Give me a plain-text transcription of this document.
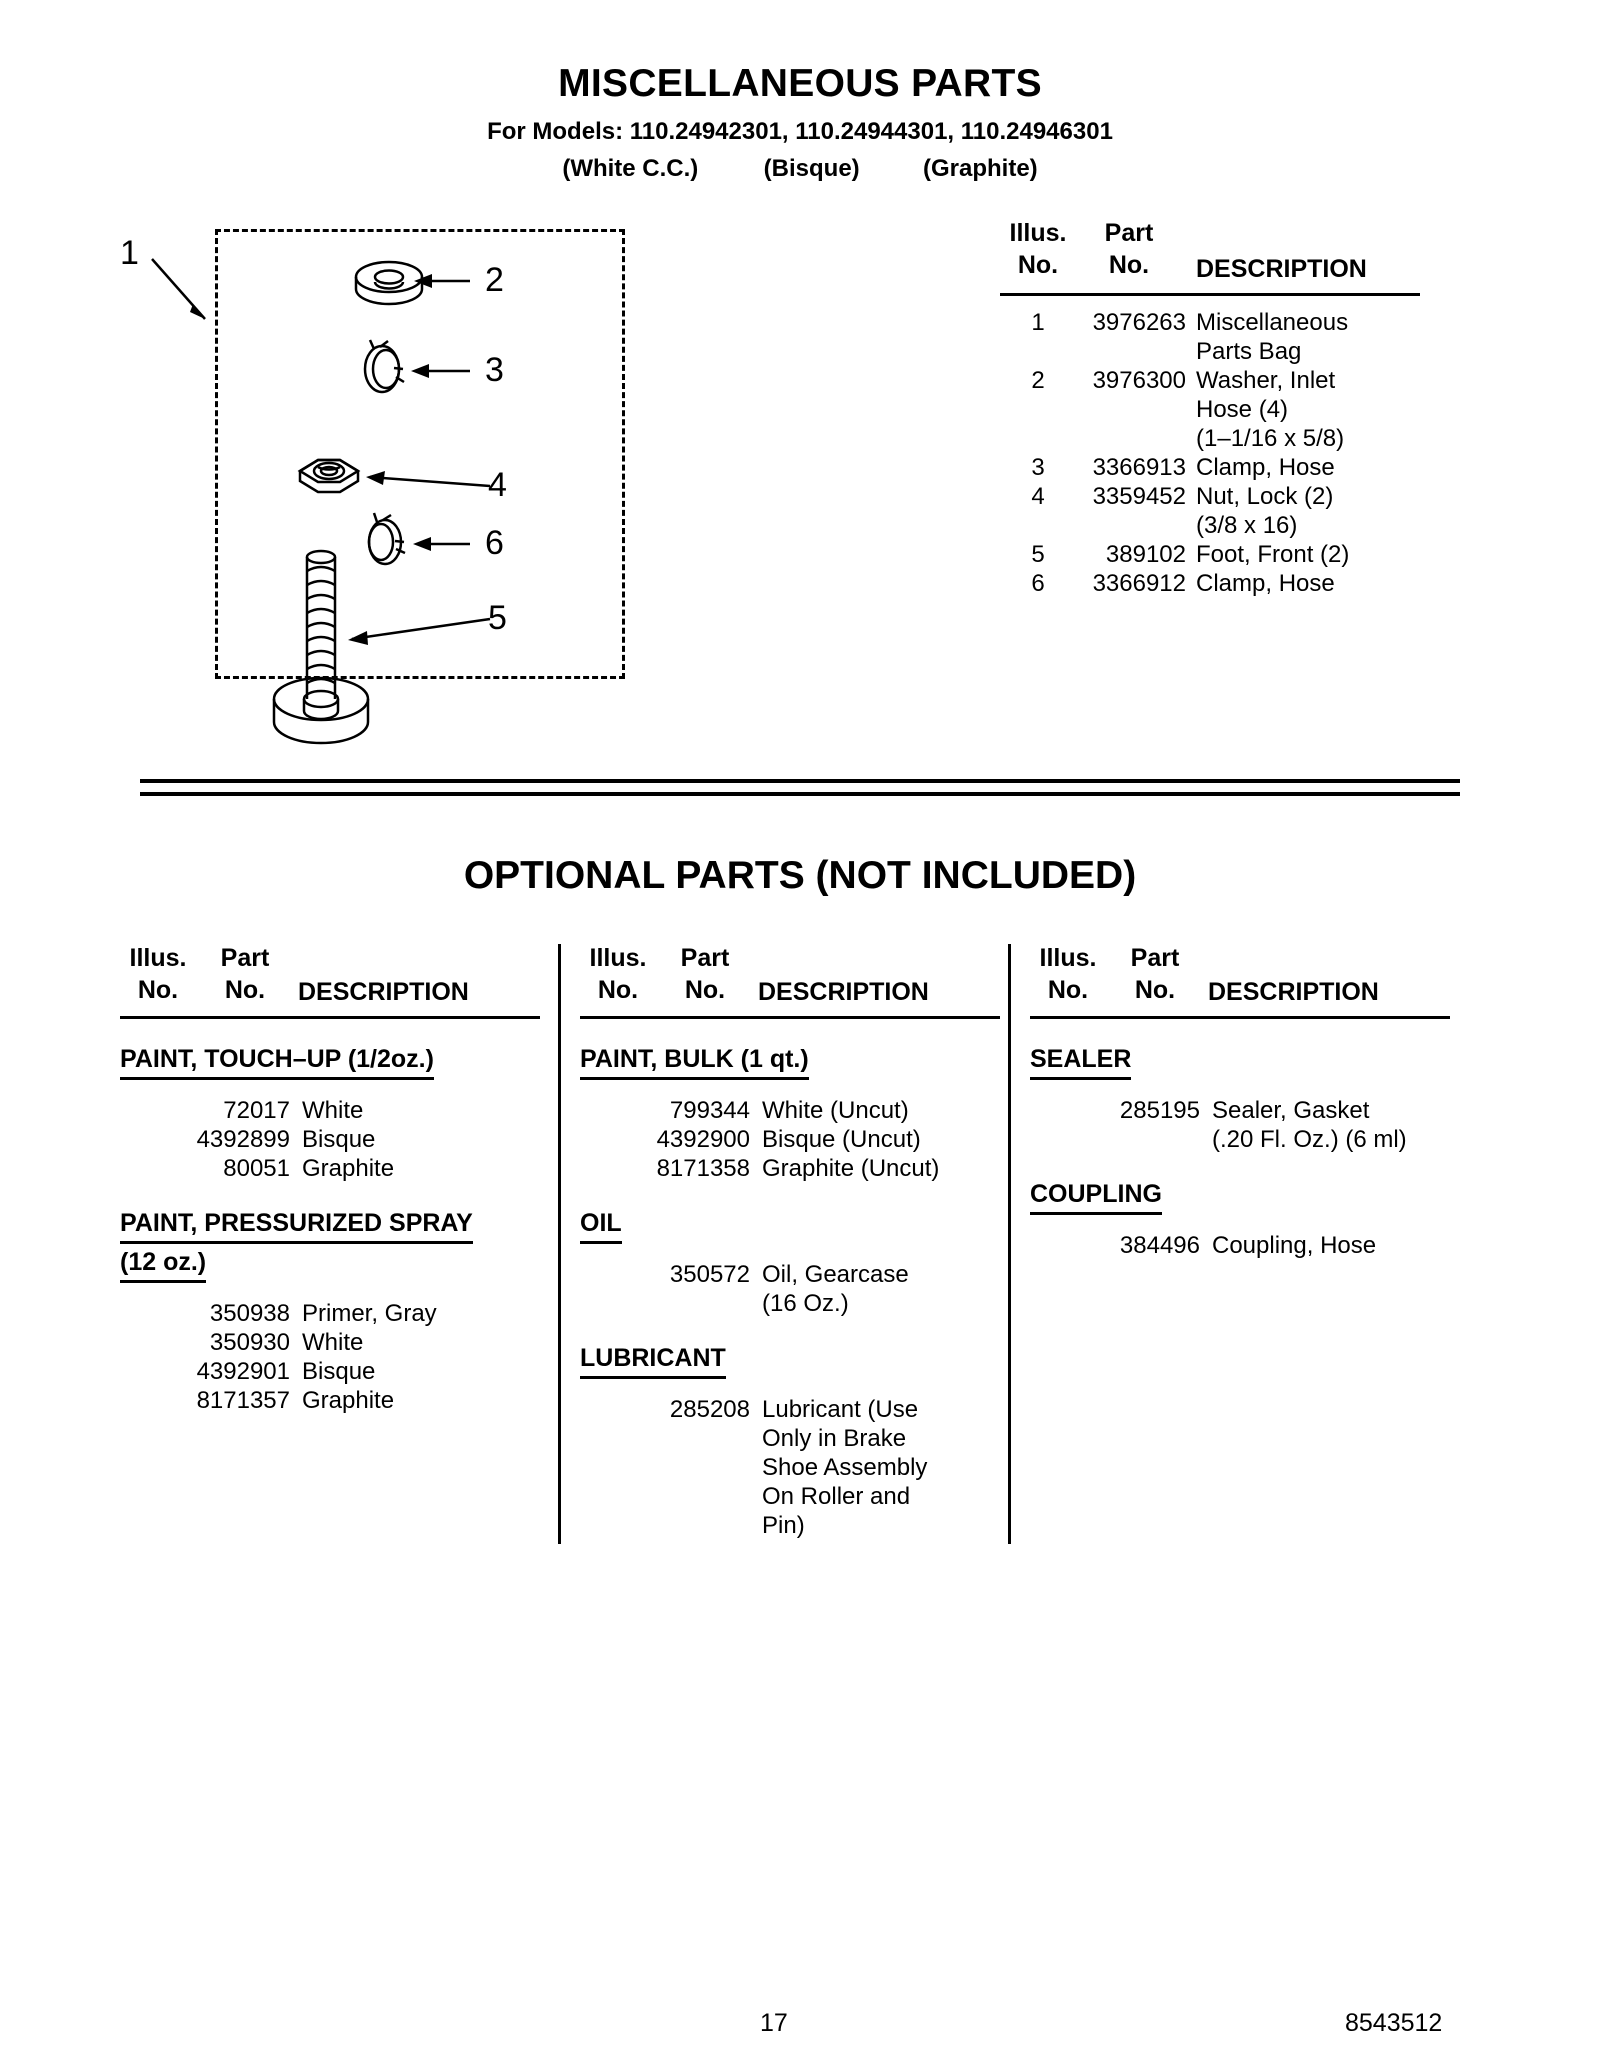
MISCELLANEOUS PARTS
For Models: 110.24942301, 110.24944301, 110.24946301
(White C.C.)	(Bisque)	(Graphite)
1
2
3
4
6
5
Illus.
No.
Part
No.	DESCRIPTION
1	3976263 Miscellaneous
Parts Bag
2	3976300 Washer, Inlet
Hose (4)
(1–1/16 x 5/8)
3	3366913 Clamp, Hose
4	3359452 Nut, Lock (2)
(3/8 x 16)
5	389102 Foot, Front (2)
6	3366912 Clamp, Hose
OPTIONAL PARTS (NOT INCLUDED)
Illus.
No.
Part
No.	DESCRIPTION
PAINT, TOUCH–UP (1/2oz.)
72017 White
4392899 Bisque
80051 Graphite
PAINT, PRESSURIZED SPRAY
(12 oz.)
350938 Primer, Gray
350930 White
4392901 Bisque
8171357 Graphite
Illus.
No.
Part
No.	DESCRIPTION
PAINT, BULK (1 qt.)
799344 White (Uncut)
4392900 Bisque (Uncut)
8171358 Graphite (Uncut)
OIL
350572 Oil, Gearcase
(16 Oz.)
LUBRICANT
285208 Lubricant (Use
Only in Brake
Shoe Assembly
On Roller and
Pin)
Illus.
No.
Part
No.	DESCRIPTION
SEALER
285195 Sealer, Gasket
(.20 Fl. Oz.) (6 ml)
COUPLING
384496 Coupling, Hose
17	8543512
